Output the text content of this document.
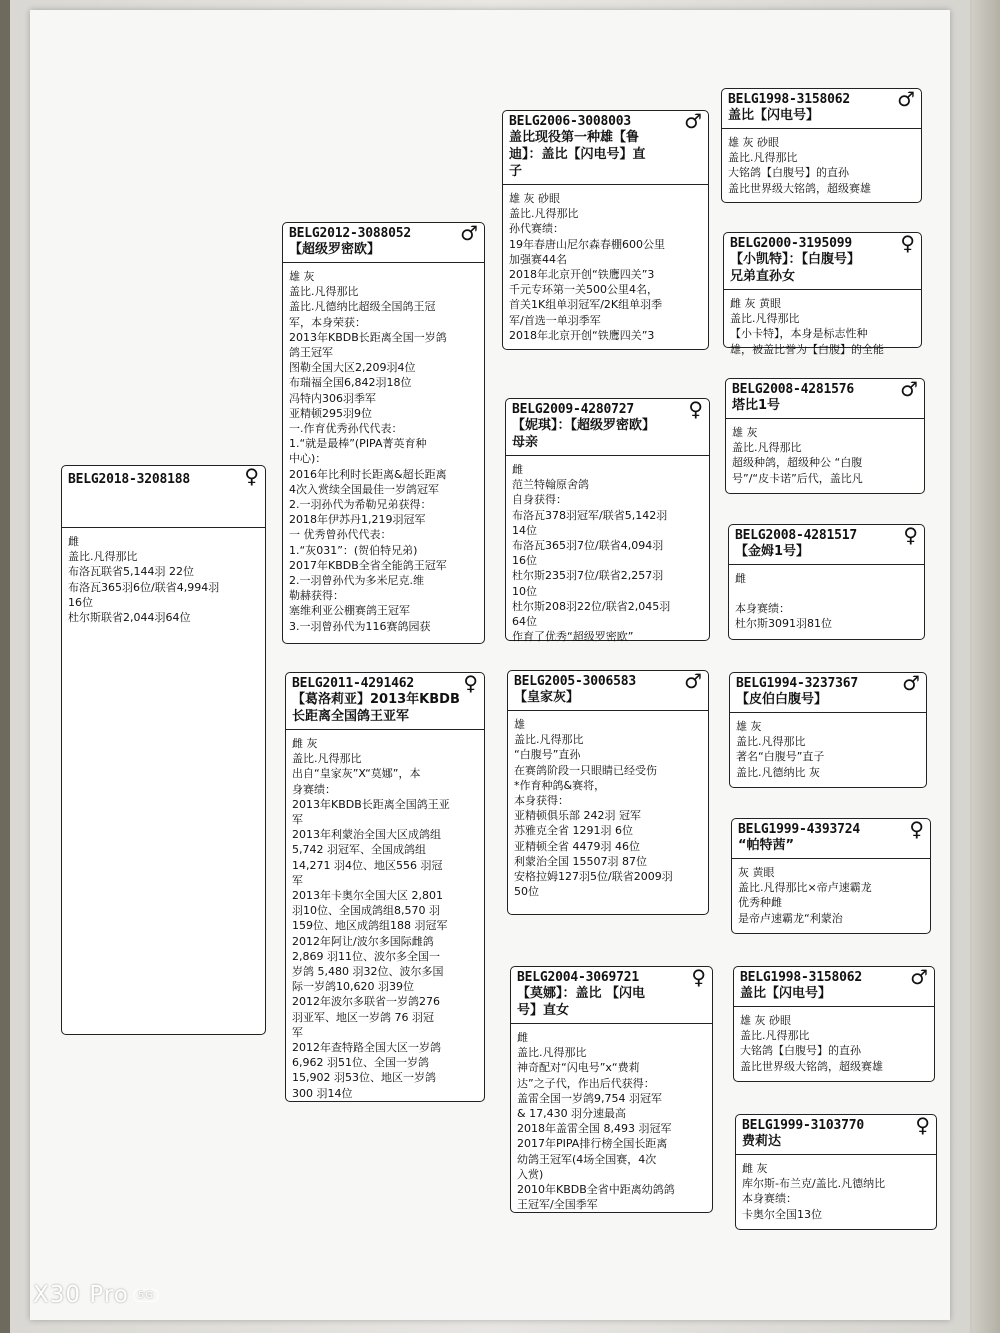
BELG2018-3208188	♀
雌
盖比.凡得那比
布洛瓦联省5,144羽 22位
布洛瓦365羽6位/联省4,994羽
16位
杜尔斯联省2,044羽64位
BELG2012-3088052	♂
【超级罗密欧】
雄 灰
盖比.凡得那比
盖比.凡德纳比超级全国鸽王冠
军，本身荣获：
2013年KBDB长距离全国一岁鸽
鸽王冠军
图勒全国大区2,209羽4位
布瑞福全国6,842羽18位
冯特内306羽季军
亚精顿295羽9位
一.作育优秀孙代代表：
1.“就是最棒”(PIPA菁英育种
中心)：
2016年比利时长距离&超长距离
4次入赏续全国最佳一岁鸽冠军
2.一羽孙代为希勒兄弟获得：
2018年伊苏丹1,219羽冠军
一 优秀曾孙代代表：
1.“灰031”：(贺伯特兄弟)
2017年KBDB全省全能鸽王冠军
2.一羽曾孙代为多米尼克.维
勒赫获得：
塞维利亚公棚赛鸽王冠军
3.一羽曾孙代为116赛鸽园获
BELG2011-4291462	♀
【葛洛莉亚】2013年KBDB
长距离全国鸽王亚军
雌 灰
盖比.凡得那比
出自“皇家灰”X“莫娜”，本
身赛绩：
2013年KBDB长距离全国鸽王亚
军
2013年利蒙治全国大区成鸽组
5,742 羽冠军、全国成鸽组
14,271 羽4位、地区556 羽冠
军
2013年卡奥尔全国大区 2,801
羽10位、全国成鸽组8,570 羽
159位、地区成鸽组188 羽冠军
2012年阿让/波尔多国际雌鸽
2,869 羽11位、波尔多全国一
岁鸽 5,480 羽32位、波尔多国
际一岁鸽10,620 羽39位
2012年波尔多联省一岁鸽276
羽亚军、地区一岁鸽 76 羽冠
军
2012年查特路全国大区一岁鸽
6,962 羽51位、全国一岁鸽
15,902 羽53位、地区一岁鸽
300 羽14位
BELG2006-3008003	♂
盖比现役第一种雄【鲁
迪】：盖比【闪电号】直
子
雄 灰 砂眼
盖比.凡得那比
孙代赛绩：
19年春唐山尼尔森春棚600公里
加强赛44名
2018年北京开创“铁鹰四关”3
千元专环第一关500公里4名，
首关1K组单羽冠军/2K组单羽季
军/首选一单羽季军
2018年北京开创“铁鹰四关”3
BELG2009-4280727	♀
【妮琪】：【超级罗密欧】
母亲
雌
范兰特翰原舍鸽
自身获得：
布洛瓦378羽冠军/联省5,142羽
14位
布洛瓦365羽7位/联省4,094羽
16位
杜尔斯235羽7位/联省2,257羽
10位
杜尔斯208羽22位/联省2,045羽
64位
作育了优秀“超级罗密欧”
BELG2005-3006583	♂
【皇家灰】
雄
盖比.凡得那比
“白腹号”直孙
在赛鸽阶段一只眼睛已经受伤
*作育种鸽&赛将，
本身获得：
亚精顿俱乐部 242羽 冠军
苏雅克全省 1291羽 6位
亚精顿全省 4479羽 46位
利蒙治全国 15507羽 87位
安格拉姆127羽5位/联省2009羽
50位
BELG2004-3069721	♀
【莫娜】：盖比 【闪电
号】直女
雌
盖比.凡得那比
神奇配对“闪电号”x“费莉
达”之子代，作出后代获得：
盖雷全国一岁鸽9,754 羽冠军
& 17,430 羽分速最高
2018年盖雷全国 8,493 羽冠军
2017年PIPA排行榜全国长距离
幼鸽王冠军(4场全国赛，4次
入赏)
2010年KBDB全省中距离幼鸽鸽
王冠军/全国季军
BELG1998-3158062	♂
盖比【闪电号】
雄 灰 砂眼
盖比.凡得那比
大铭鸽【白腹号】的直孙
盖比世界级大铭鸽，超级赛雄
BELG2000-3195099	♀
【小凯特】：【白腹号】
兄弟直孙女
雌 灰 黄眼
盖比.凡得那比
【小卡特】，本身是标志性种
雄，被盖比誉为【白腹】的全能
BELG2008-4281576	♂
塔比1号
雄 灰
盖比.凡得那比
超级种鸽，超级种公 “白腹
号”/“皮卡诺”后代，盖比凡
BELG2008-4281517	♀
【金姆1号】
雌
本身赛绩：
杜尔斯3091羽81位
BELG1994-3237367	♂
【皮伯白腹号】
雄 灰
盖比.凡得那比
著名“白腹号”直子
盖比.凡德纳比 灰
BELG1999-4393724	♀
“帕特茜”
灰 黄眼
盖比.凡得那比×帝卢速霸龙
优秀种雌
是帝卢速霸龙“利蒙治
BELG1998-3158062	♂
盖比【闪电号】
雄 灰 砂眼
盖比.凡得那比
大铭鸽【白腹号】的直孙
盖比世界级大铭鸽，超级赛雄
BELG1999-3103770	♀
费莉达
雌 灰
库尔斯-布兰克/盖比.凡德纳比
本身赛绩：
卡奥尔全国13位
X30 Pro 5G
